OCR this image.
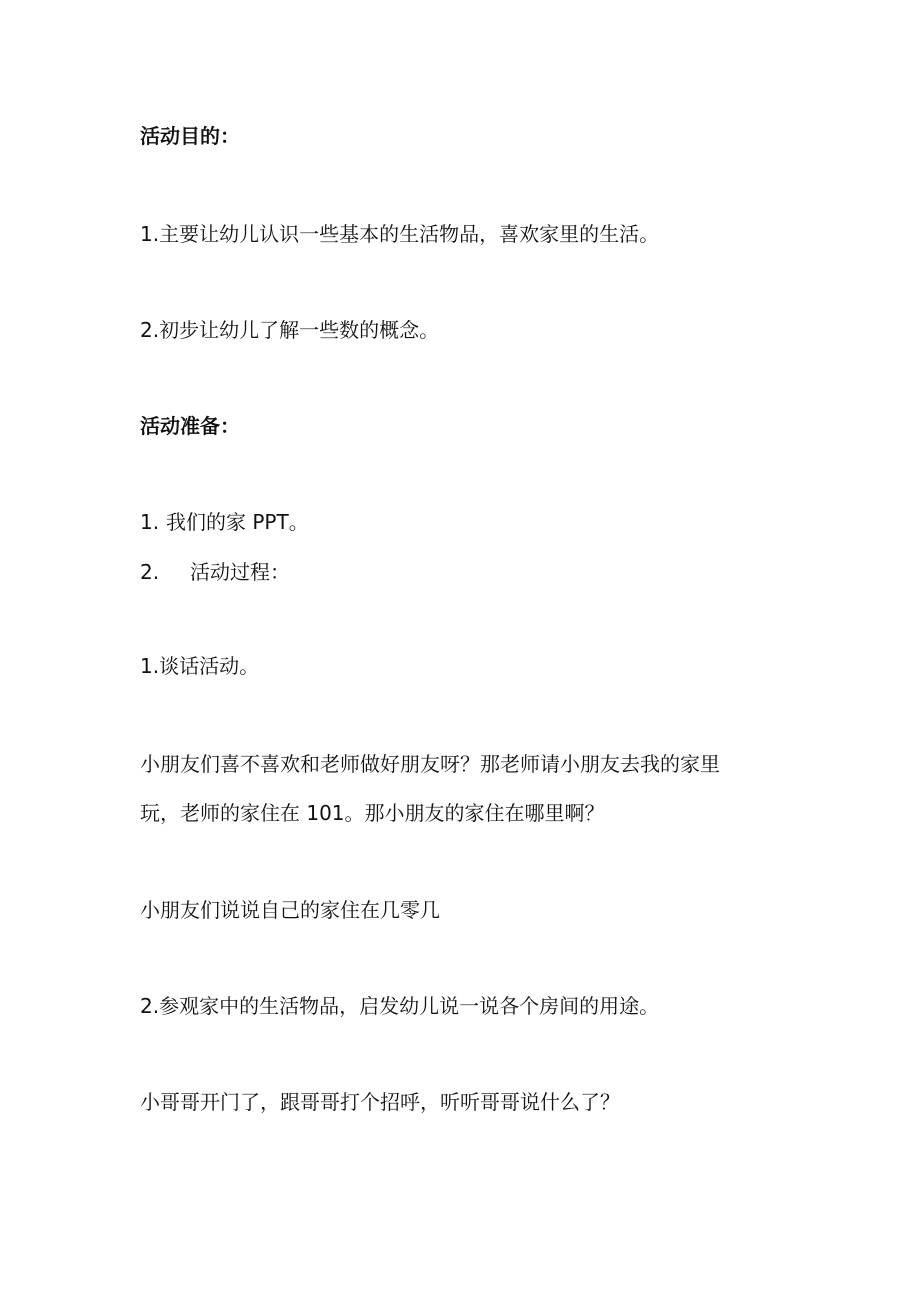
活动目的：

1.主要让幼儿认识一些基本的生活物品，喜欢家里的生活。

2.初步让幼儿了解一些数的概念。

活动准备：

1. 我们的家 PPT。
2. 活动过程：

1.谈话活动。

小朋友们喜不喜欢和老师做好朋友呀？那老师请小朋友去我的家里

玩，老师的家住在 101。那小朋友的家住在哪里啊？

小朋友们说说自己的家住在几零几

2.参观家中的生活物品，启发幼儿说一说各个房间的用途。

小哥哥开门了，跟哥哥打个招呼，听听哥哥说什么了？
